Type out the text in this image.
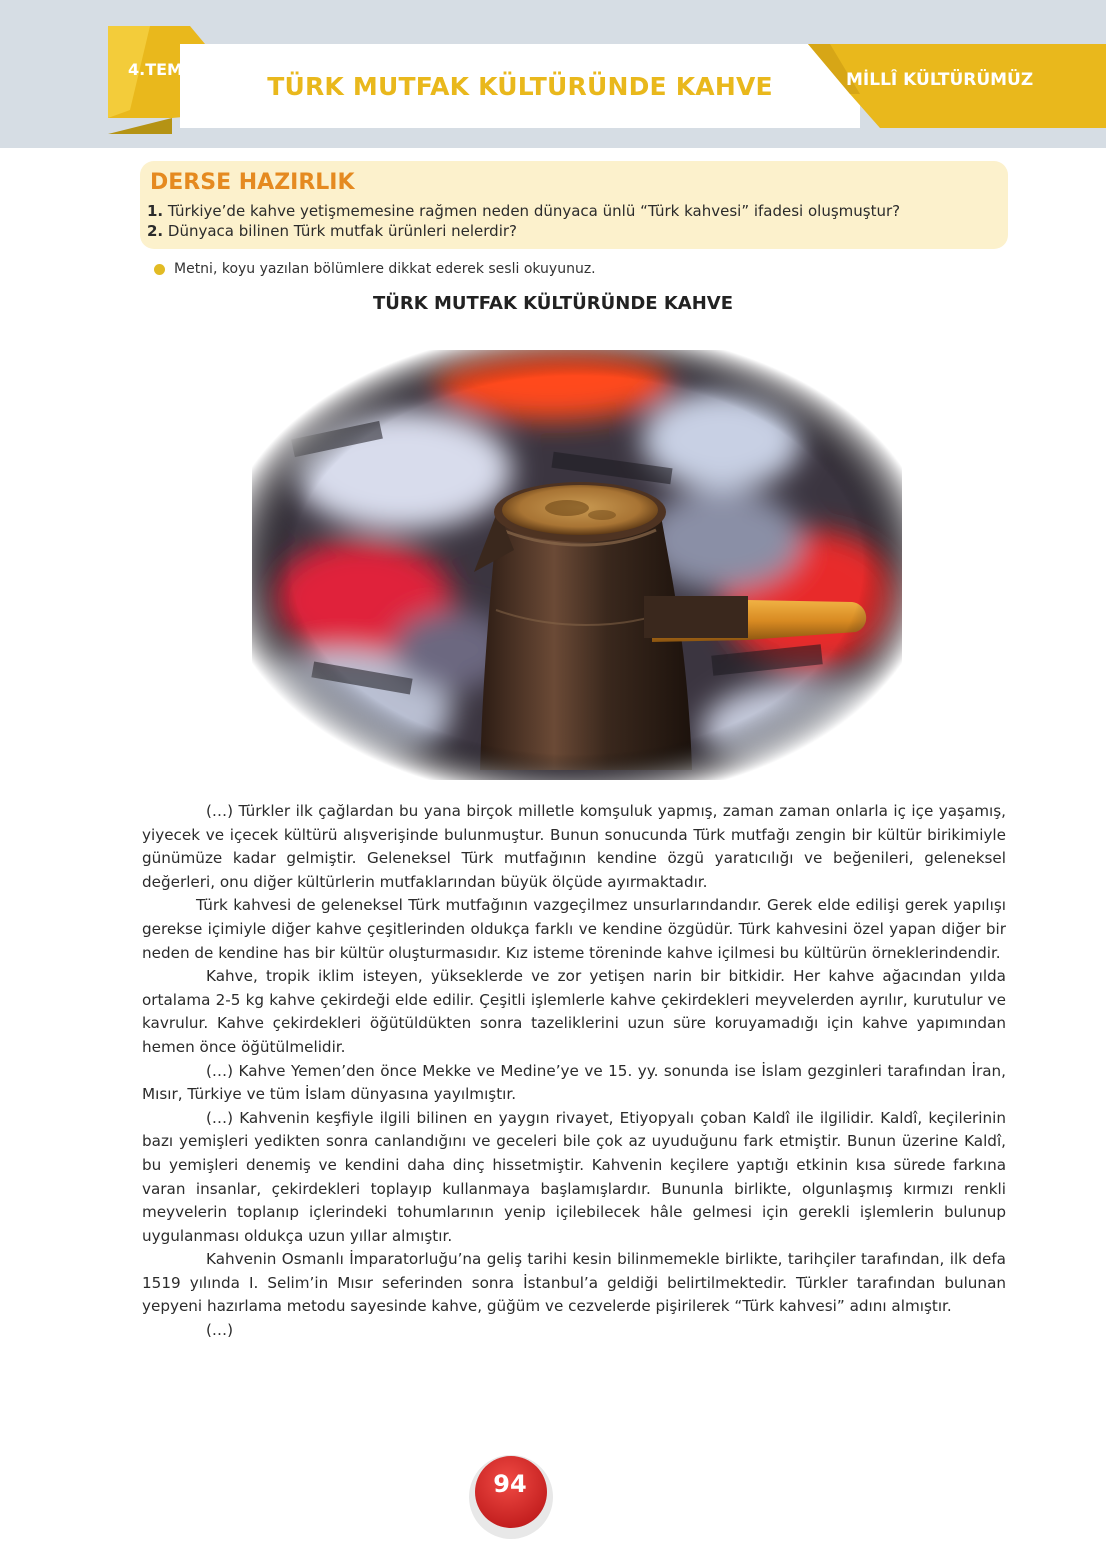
4.TEMA
TÜRK MUTFAK KÜLTÜRÜNDE KAHVE	MİLLÎ KÜLTÜRÜMÜZ
DERSE HAZIRLIK
1. Türkiye’de kahve yetişmemesine rağmen neden dünyaca ünlü “Türk kahvesi” ifadesi oluşmuştur?
2. Dünyaca bilinen Türk mutfak ürünleri nelerdir?
Metni, koyu yazılan bölümlere dikkat ederek sesli okuyunuz.
TÜRK MUTFAK KÜLTÜRÜNDE KAHVE

(…) Türkler ilk çağlardan bu yana birçok milletle komşuluk yapmış, zaman zaman onlarla iç içe yaşamış, yiyecek ve içecek kültürü alışverişinde bulunmuştur. Bunun sonucunda Türk mutfağı zengin bir kültür birikimiyle günümüze kadar gelmiştir. Geleneksel Türk mutfağının kendine özgü yaratıcılığı ve beğenileri, geleneksel değerleri, onu diğer kültürlerin mutfaklarından büyük ölçüde ayırmaktadır.

Türk kahvesi de geleneksel Türk mutfağının vazgeçilmez unsurlarındandır. Gerek elde edilişi gerek yapılışı gerekse içimiyle diğer kahve çeşitlerinden oldukça farklı ve kendine özgüdür. Türk kahvesini özel yapan diğer bir neden de kendine has bir kültür oluşturmasıdır. Kız isteme töreninde kahve içilmesi bu kültürün örneklerindendir.

Kahve, tropik iklim isteyen, yükseklerde ve zor yetişen narin bir bitkidir. Her kahve ağacından yılda ortalama 2-5 kg kahve çekirdeği elde edilir. Çeşitli işlemlerle kahve çekirdekleri meyvelerden ayrılır, kurutulur ve kavrulur. Kahve çekirdekleri öğütüldükten sonra tazeliklerini uzun süre koruyamadığı için kahve yapımından hemen önce öğütülmelidir.

(…) Kahve Yemen’den önce Mekke ve Medine’ye ve 15. yy. sonunda ise İslam gezginleri tarafından İran, Mısır, Türkiye ve tüm İslam dünyasına yayılmıştır.

(…) Kahvenin keşfiyle ilgili bilinen en yaygın rivayet, Etiyopyalı çoban Kaldî ile ilgilidir. Kaldî, keçilerinin bazı yemişleri yedikten sonra canlandığını ve geceleri bile çok az uyuduğunu fark etmiştir. Bunun üzerine Kaldî, bu yemişleri denemiş ve kendini daha dinç hissetmiştir. Kahvenin keçilere yaptığı etkinin kısa sürede farkına varan insanlar, çekirdekleri toplayıp kullanmaya başlamışlardır. Bununla birlikte, olgunlaşmış kırmızı renkli meyvelerin toplanıp içlerindeki tohumlarının yenip içilebilecek hâle gelmesi için gerekli işlemlerin bulunup uygulanması oldukça uzun yıllar almıştır.

Kahvenin Osmanlı İmparatorluğu’na geliş tarihi kesin bilinmemekle birlikte, tarihçiler tarafından, ilk defa 1519 yılında I. Selim’in Mısır seferinden sonra İstanbul’a geldiği belirtilmektedir. Türkler tarafından bulunan yepyeni hazırlama metodu sayesinde kahve, güğüm ve cezvelerde pişirilerek “Türk kahvesi” adını almıştır.

(…)

94
